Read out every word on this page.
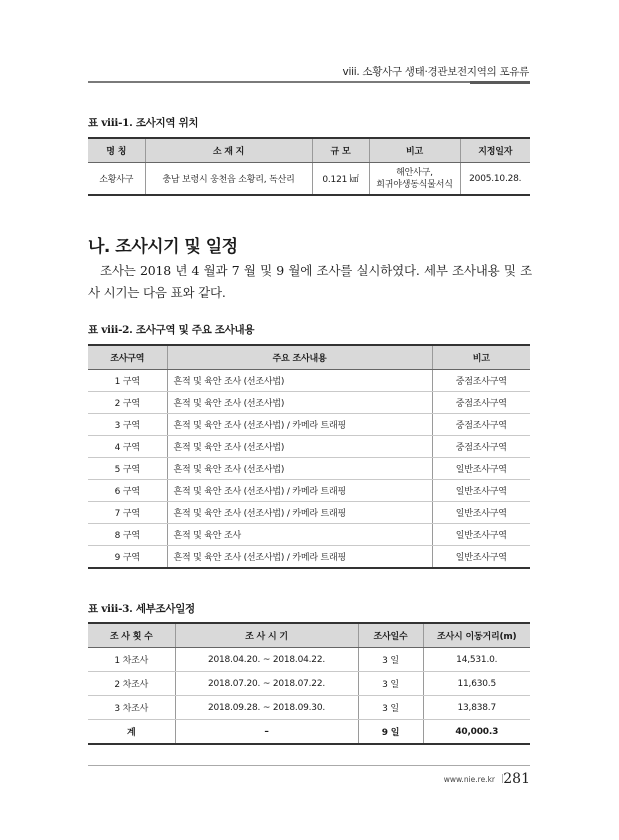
viii. 소황사구 생태·경관보전지역의 포유류
표 viii-1. 조사지역 위치
명 칭	소 재 지	규 모	비고	지정일자
소황사구	충남 보령시 웅천읍 소황리, 독산리	0.121 ㎢	해안사구,
희귀야생동식물서식	2005.10.28.
나. 조사시기 및 일정
조사는 2018 년 4 월과 7 월 및 9 월에 조사를 실시하였다. 세부 조사내용 및 조사 시기는 다음 표와 같다.
표 viii-2. 조사구역 및 주요 조사내용
조사구역	주요 조사내용	비고
1 구역	흔적 및 육안 조사 (선조사법)	중점조사구역
2 구역	흔적 및 육안 조사 (선조사법)	중점조사구역
3 구역	흔적 및 육안 조사 (선조사법) / 카메라 트래핑	중점조사구역
4 구역	흔적 및 육안 조사 (선조사법)	중점조사구역
5 구역	흔적 및 육안 조사 (선조사법)	일반조사구역
6 구역	흔적 및 육안 조사 (선조사법) / 카메라 트래핑	일반조사구역
7 구역	흔적 및 육안 조사 (선조사법) / 카메라 트래핑	일반조사구역
8 구역	흔적 및 육안 조사	일반조사구역
9 구역	흔적 및 육안 조사 (선조사법) / 카메라 트래핑	일반조사구역
표 viii-3. 세부조사일정
조 사 횟 수	조 사 시 기	조사일수	조사시 이동거리(m)
1 차조사	2018.04.20. ~ 2018.04.22.	3 일	14,531.0.
2 차조사	2018.07.20. ~ 2018.07.22.	3 일	11,630.5
3 차조사	2018.09.28. ~ 2018.09.30.	3 일	13,838.7
계	–	9 일	40,000.3
www.nie.re.kr | 281
